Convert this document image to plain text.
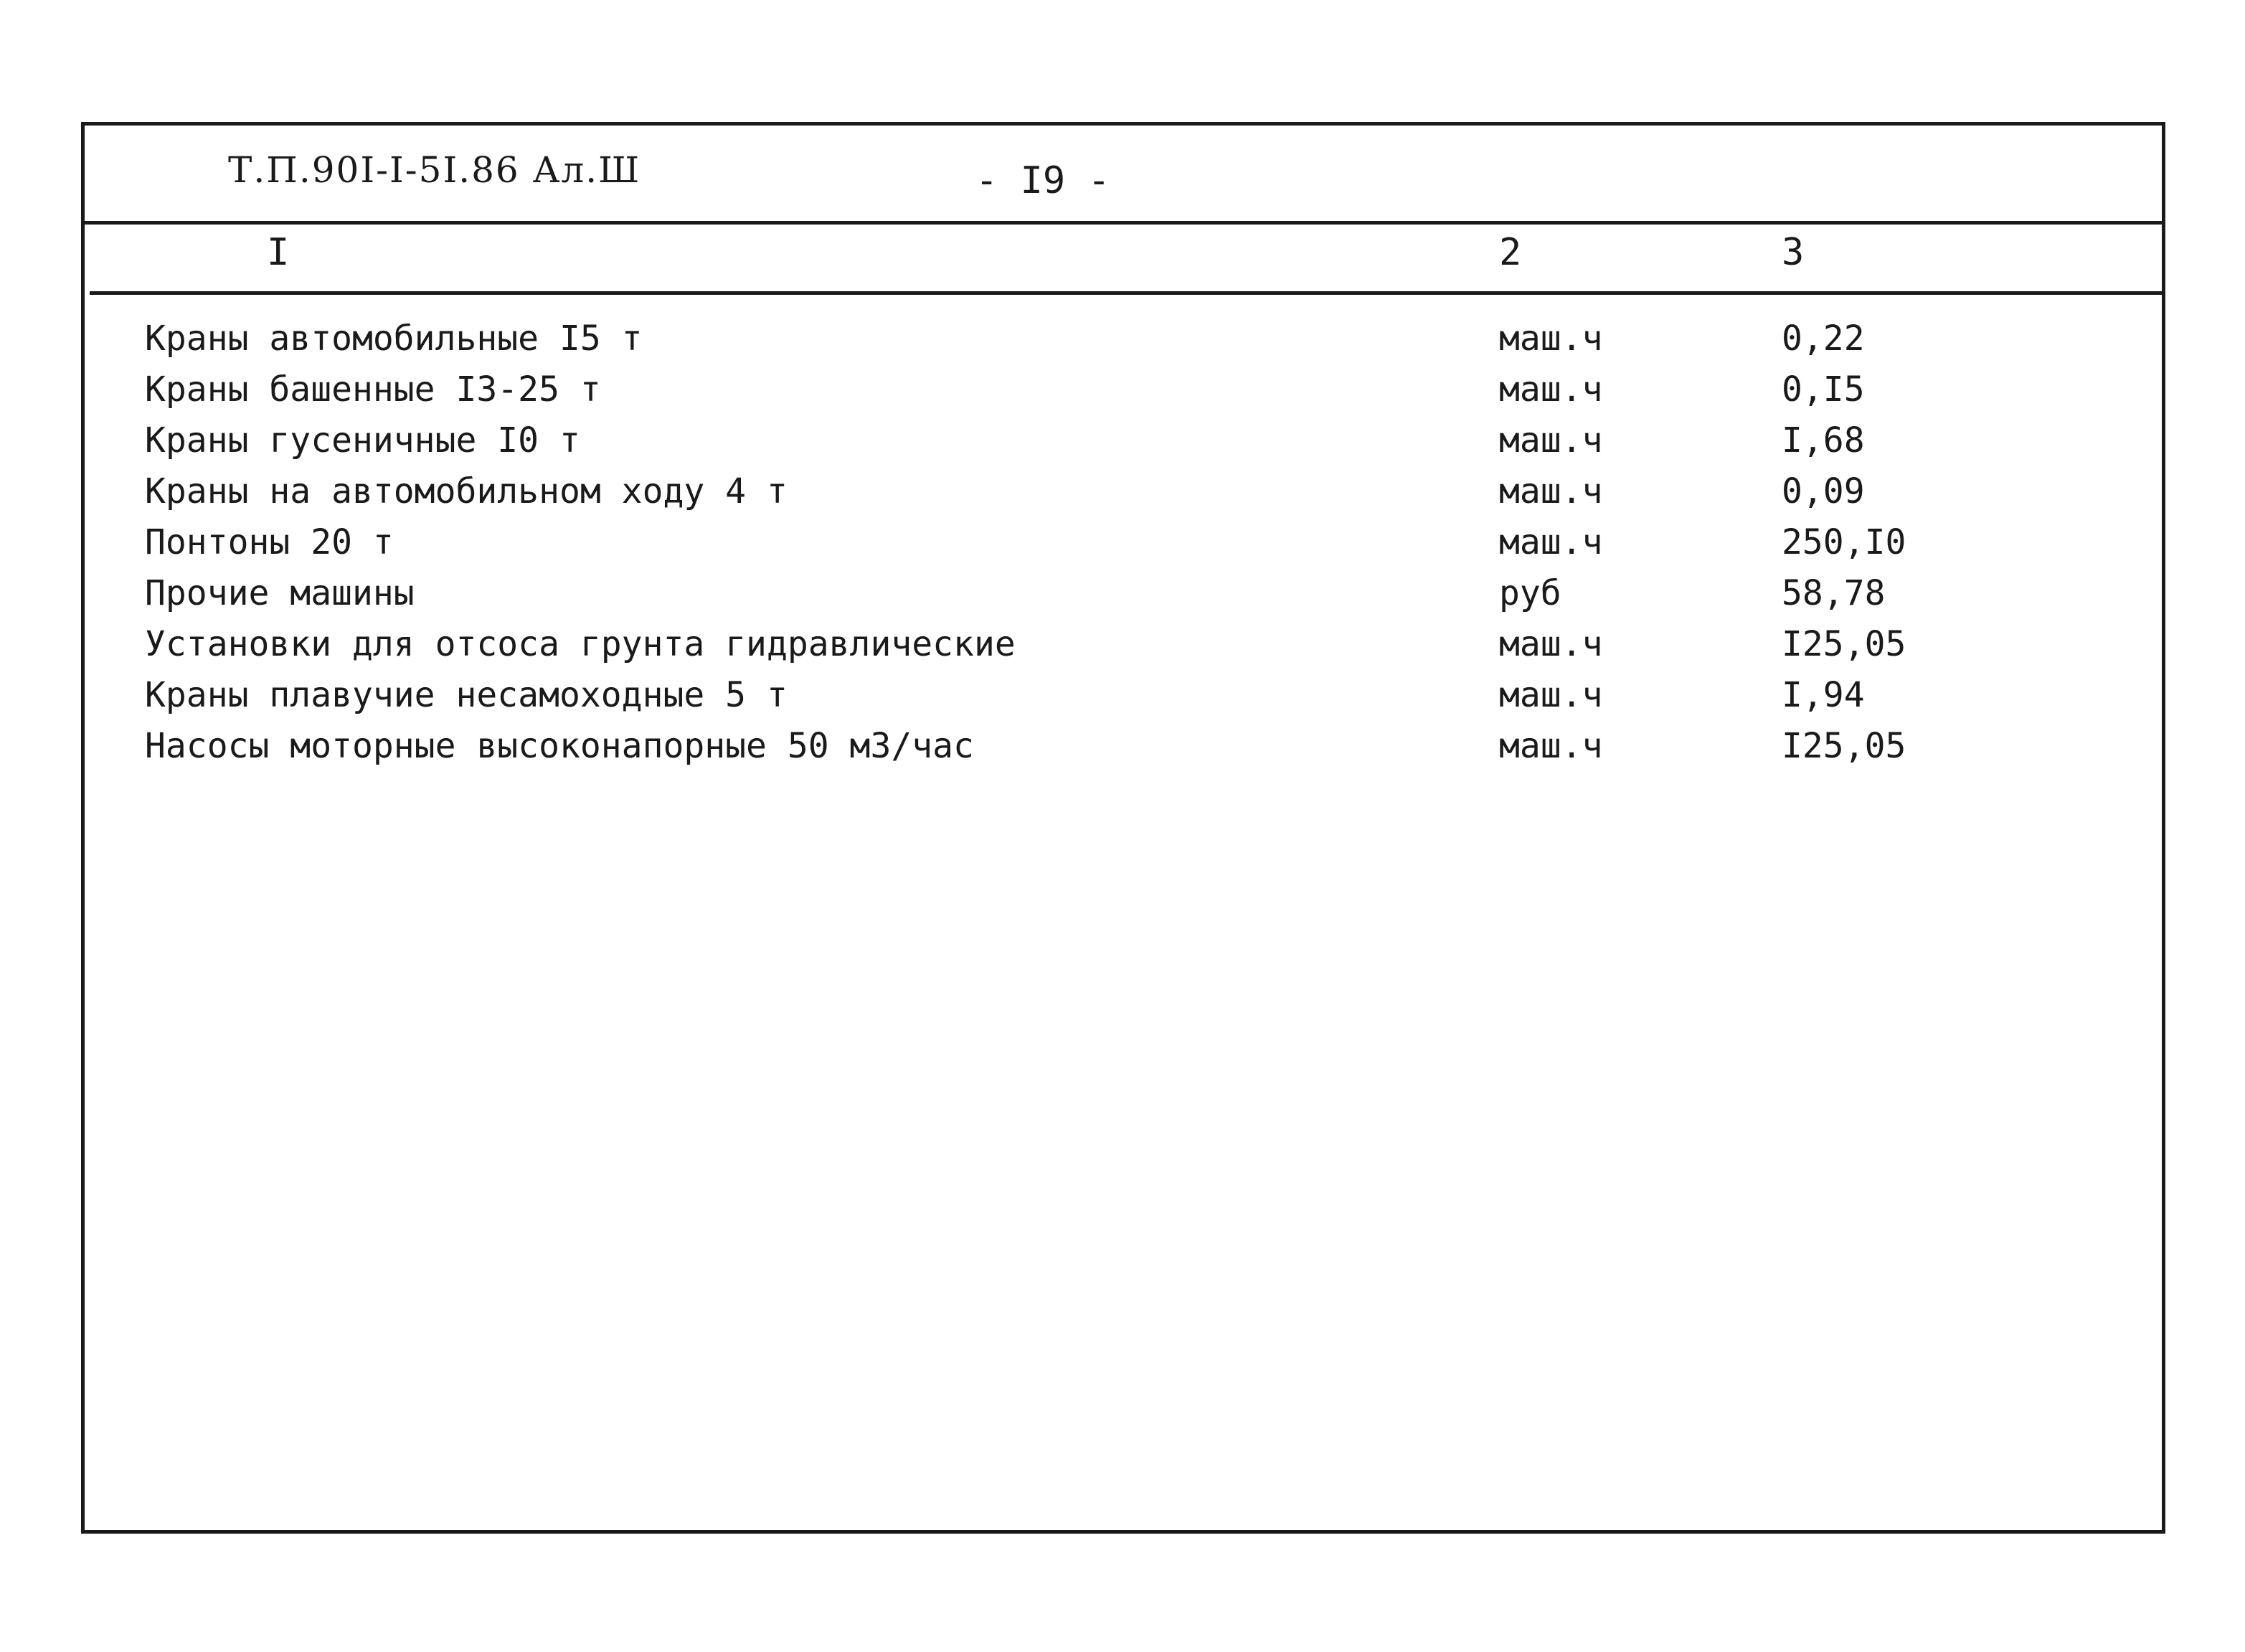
Т.П.90I-I-5I.86 Ал.Ш	- I9 -
I	2	3
Краны автомобильные I5 т	маш.ч	0,22
Краны башенные I3-25 т	маш.ч	0,I5
Краны гусеничные I0 т	маш.ч	I,68
Краны на автомобильном ходу 4 т	маш.ч	0,09
Понтоны 20 т	маш.ч	250,I0
Прочие машины	руб	58,78
Установки для отсоса грунта гидравлические	маш.ч	I25,05
Краны плавучие несамоходные 5 т	маш.ч	I,94
Насосы моторные высоконапорные 50 м3/час	маш.ч	I25,05
